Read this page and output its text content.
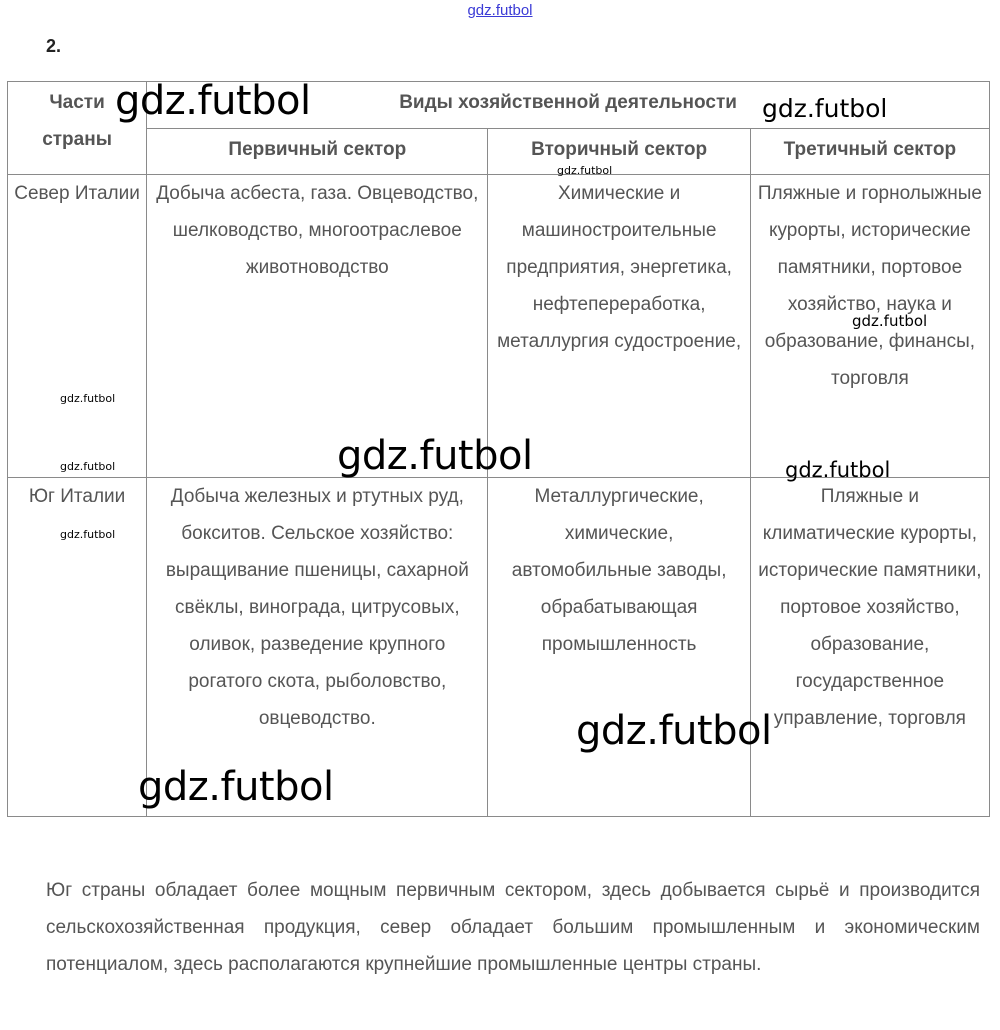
gdz.futbol
2.
Части страны	Виды хозяйственной деятельности		
	Первичный сектор	Вторичный сектор	Третичный сектор
Север Италии	Добыча асбеста, газа. Овцеводство, шелководство, многоотраслевое животноводство	Химические и машиностроительные предприятия, энергетика, нефтепереработка, металлургия судостроение,	Пляжные и горнолыжные курорты, исторические памятники, портовое хозяйство, наука и образование, финансы, торговля
Юг Италии	Добыча железных и ртутных руд, бокситов. Сельское хозяйство: выращивание пшеницы, сахарной свёклы, винограда, цитрусовых, оливок, разведение крупного рогатого скота, рыболовство, овцеводство.	Металлургические, химические, автомобильные заводы, обрабатывающая промышленность	Пляжные и климатические курорты, исторические памятники, портовое хозяйство, образование, государственное управление, торговля
Юг страны обладает более мощным первичным сектором, здесь добывается сырьё и производится сельскохозяйственная продукция, север обладает большим промышленным и экономическим потенциалом, здесь располагаются крупнейшие промышленные центры страны.
gdz.futbol	gdz.futbol
gdz.futbol
gdz.futbol
gdz.futbol
gdz.futbol
gdz.futbol	gdz.futbol
gdz.futbol
gdz.futbol
gdz.futbol
